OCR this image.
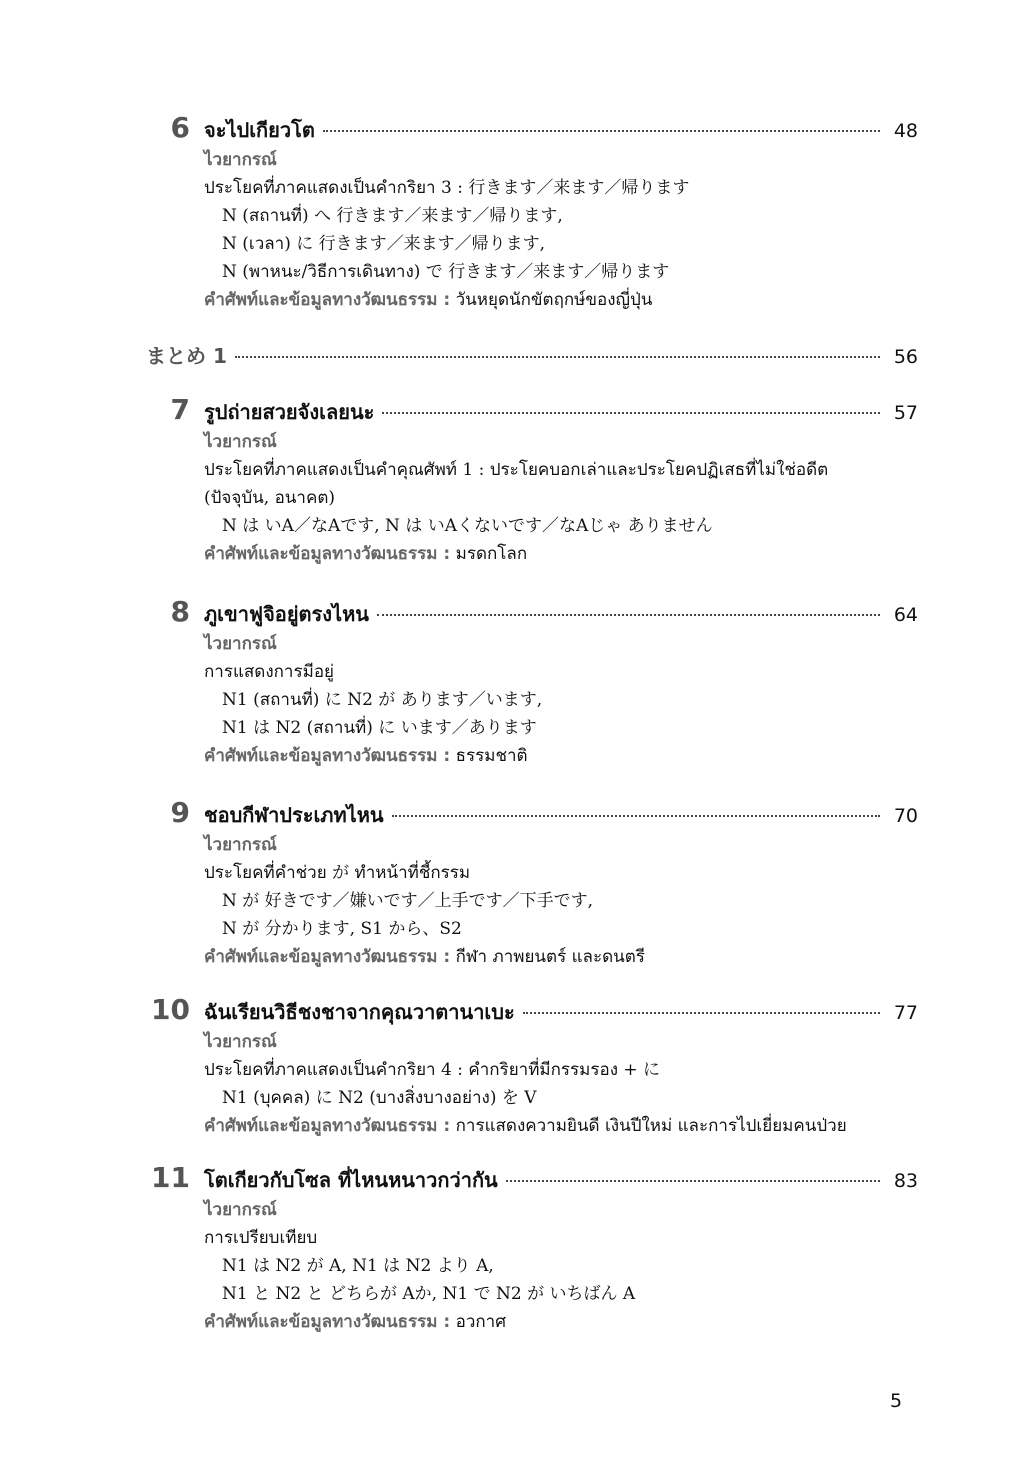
6 จะไปเกียวโต	48
ไวยากรณ์
ประโยคที่ภาคแสดงเป็นคำกริยา 3 : 行きます／来ます／帰ります
N (สถานที่) へ 行きます／来ます／帰ります,
N (เวลา) に 行きます／来ます／帰ります,
N (พาหนะ/วิธีการเดินทาง) で 行きます／来ます／帰ります
คำศัพท์และข้อมูลทางวัฒนธรรม : วันหยุดนักขัตฤกษ์ของญี่ปุ่น
まとめ 1	56
7 รูปถ่ายสวยจังเลยนะ	57
ไวยากรณ์
ประโยคที่ภาคแสดงเป็นคำคุณศัพท์ 1 : ประโยคบอกเล่าและประโยคปฏิเสธที่ไม่ใช่อดีต
(ปัจจุบัน, อนาคต)
N は いA／なAです, N は いAくないです／なAじゃ ありません
คำศัพท์และข้อมูลทางวัฒนธรรม : มรดกโลก
8 ภูเขาฟูจิอยู่ตรงไหน	64
ไวยากรณ์
การแสดงการมีอยู่
N1 (สถานที่) に N2 が あります／います,
N1 は N2 (สถานที่) に います／あります
คำศัพท์และข้อมูลทางวัฒนธรรม : ธรรมชาติ
9 ชอบกีฬาประเภทไหน	70
ไวยากรณ์
ประโยคที่คำช่วย が ทำหน้าที่ชี้กรรม
N が 好きです／嫌いです／上手です／下手です,
N が 分かります, S1 から、S2
คำศัพท์และข้อมูลทางวัฒนธรรม : กีฬา ภาพยนตร์ และดนตรี
10 ฉันเรียนวิธีชงชาจากคุณวาตานาเบะ	77
ไวยากรณ์
ประโยคที่ภาคแสดงเป็นคำกริยา 4 : คำกริยาที่มีกรรมรอง + に
N1 (บุคคล) に N2 (บางสิ่งบางอย่าง) を V
คำศัพท์และข้อมูลทางวัฒนธรรม : การแสดงความยินดี เงินปีใหม่ และการไปเยี่ยมคนป่วย
11 โตเกียวกับโซล ที่ไหนหนาวกว่ากัน	83
ไวยากรณ์
การเปรียบเทียบ
N1 は N2 が A, N1 は N2 より A,
N1 と N2 と どちらが Aか, N1 で N2 が いちばん A
คำศัพท์และข้อมูลทางวัฒนธรรม : อวกาศ
5
